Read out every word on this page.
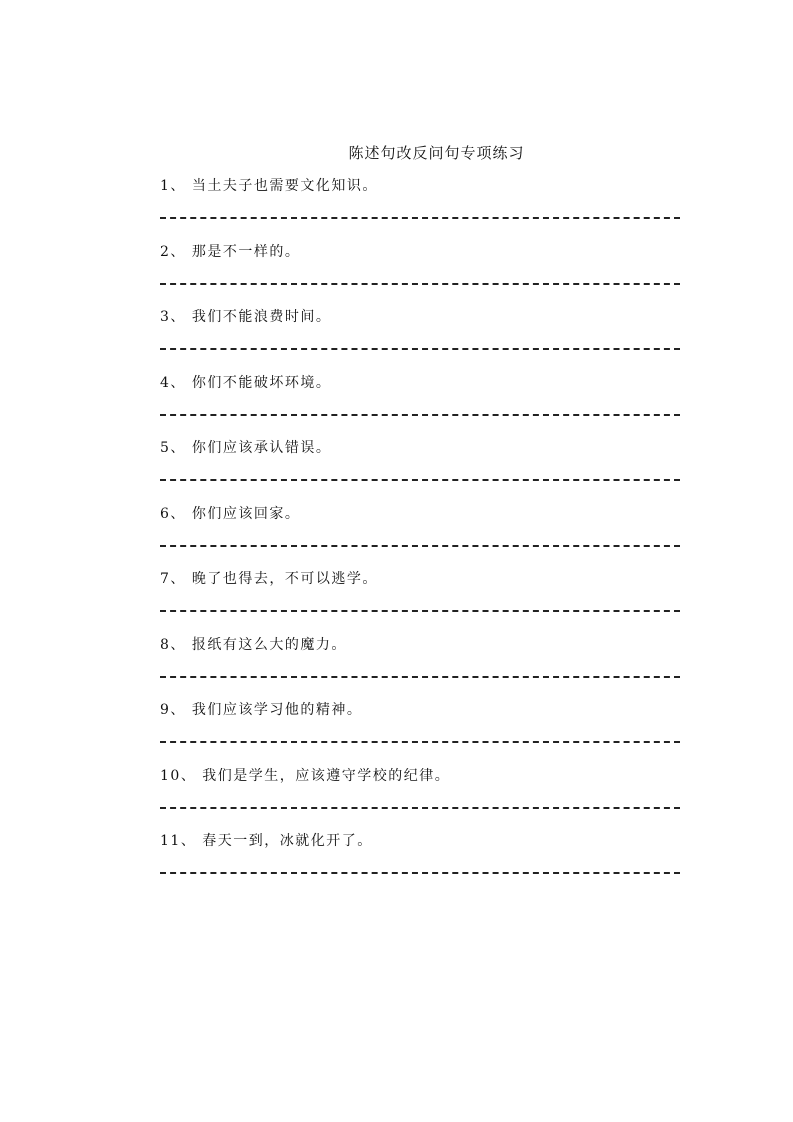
陈述句改反问句专项练习
1、 当土夫子也需要文化知识。
2、 那是不一样的。
3、 我们不能浪费时间。
4、 你们不能破坏环境。
5、 你们应该承认错误。
6、 你们应该回家。
7、 晚了也得去，不可以逃学。
8、 报纸有这么大的魔力。
9、 我们应该学习他的精神。
10、 我们是学生，应该遵守学校的纪律。
11、 春天一到，冰就化开了。
